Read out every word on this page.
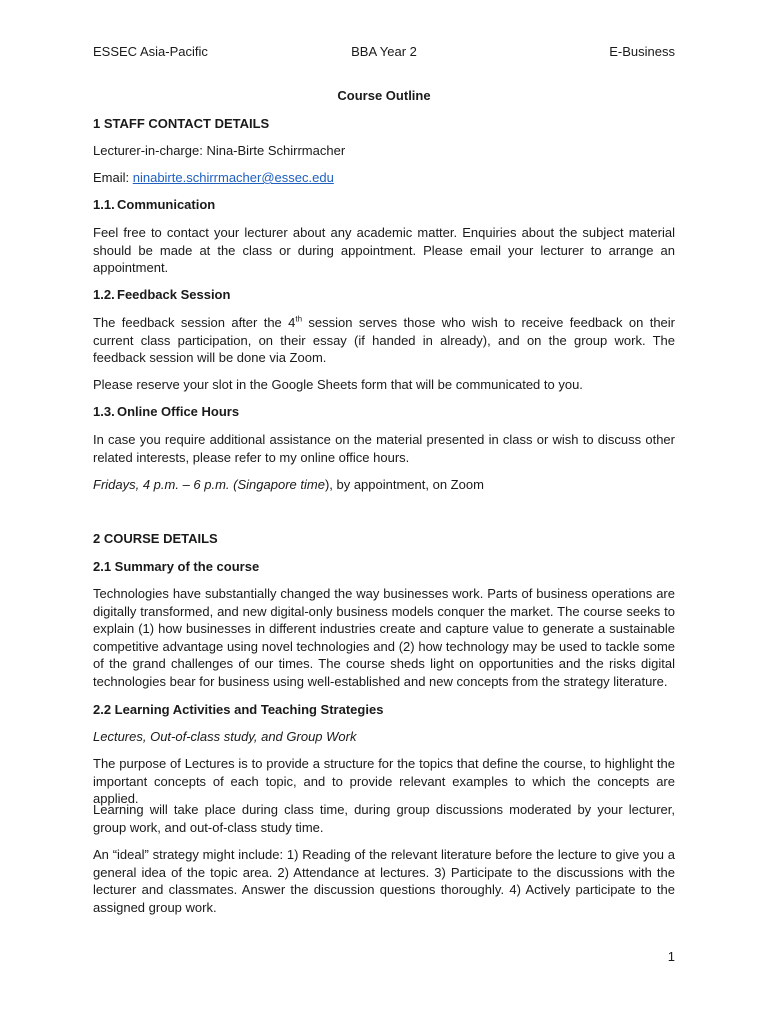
ESSEC Asia-Pacific	BBA Year 2	E-Business
Course Outline
1 STAFF CONTACT DETAILS
Lecturer-in-charge: Nina-Birte Schirrmacher
Email: ninabirte.schirrmacher@essec.edu
1.1. Communication
Feel free to contact your lecturer about any academic matter. Enquiries about the subject material should be made at the class or during appointment. Please email your lecturer to arrange an appointment.
1.2. Feedback Session
The feedback session after the 4th session serves those who wish to receive feedback on their current class participation, on their essay (if handed in already), and on the group work. The feedback session will be done via Zoom.
Please reserve your slot in the Google Sheets form that will be communicated to you.
1.3. Online Office Hours
In case you require additional assistance on the material presented in class or wish to discuss other related interests, please refer to my online office hours.
Fridays, 4 p.m. – 6 p.m. (Singapore time), by appointment, on Zoom
2 COURSE DETAILS
2.1 Summary of the course
Technologies have substantially changed the way businesses work. Parts of business operations are digitally transformed, and new digital-only business models conquer the market. The course seeks to explain (1) how businesses in different industries create and capture value to generate a sustainable competitive advantage using novel technologies and (2) how technology may be used to tackle some of the grand challenges of our times. The course sheds light on opportunities and the risks digital technologies bear for business using well-established and new concepts from the strategy literature.
2.2 Learning Activities and Teaching Strategies
Lectures, Out-of-class study, and Group Work
The purpose of Lectures is to provide a structure for the topics that define the course, to highlight the important concepts of each topic, and to provide relevant examples to which the concepts are applied.
Learning will take place during class time, during group discussions moderated by your lecturer, group work, and out-of-class study time.
An “ideal” strategy might include: 1) Reading of the relevant literature before the lecture to give you a general idea of the topic area. 2) Attendance at lectures. 3) Participate to the discussions with the lecturer and classmates. Answer the discussion questions thoroughly. 4) Actively participate to the assigned group work.
1
